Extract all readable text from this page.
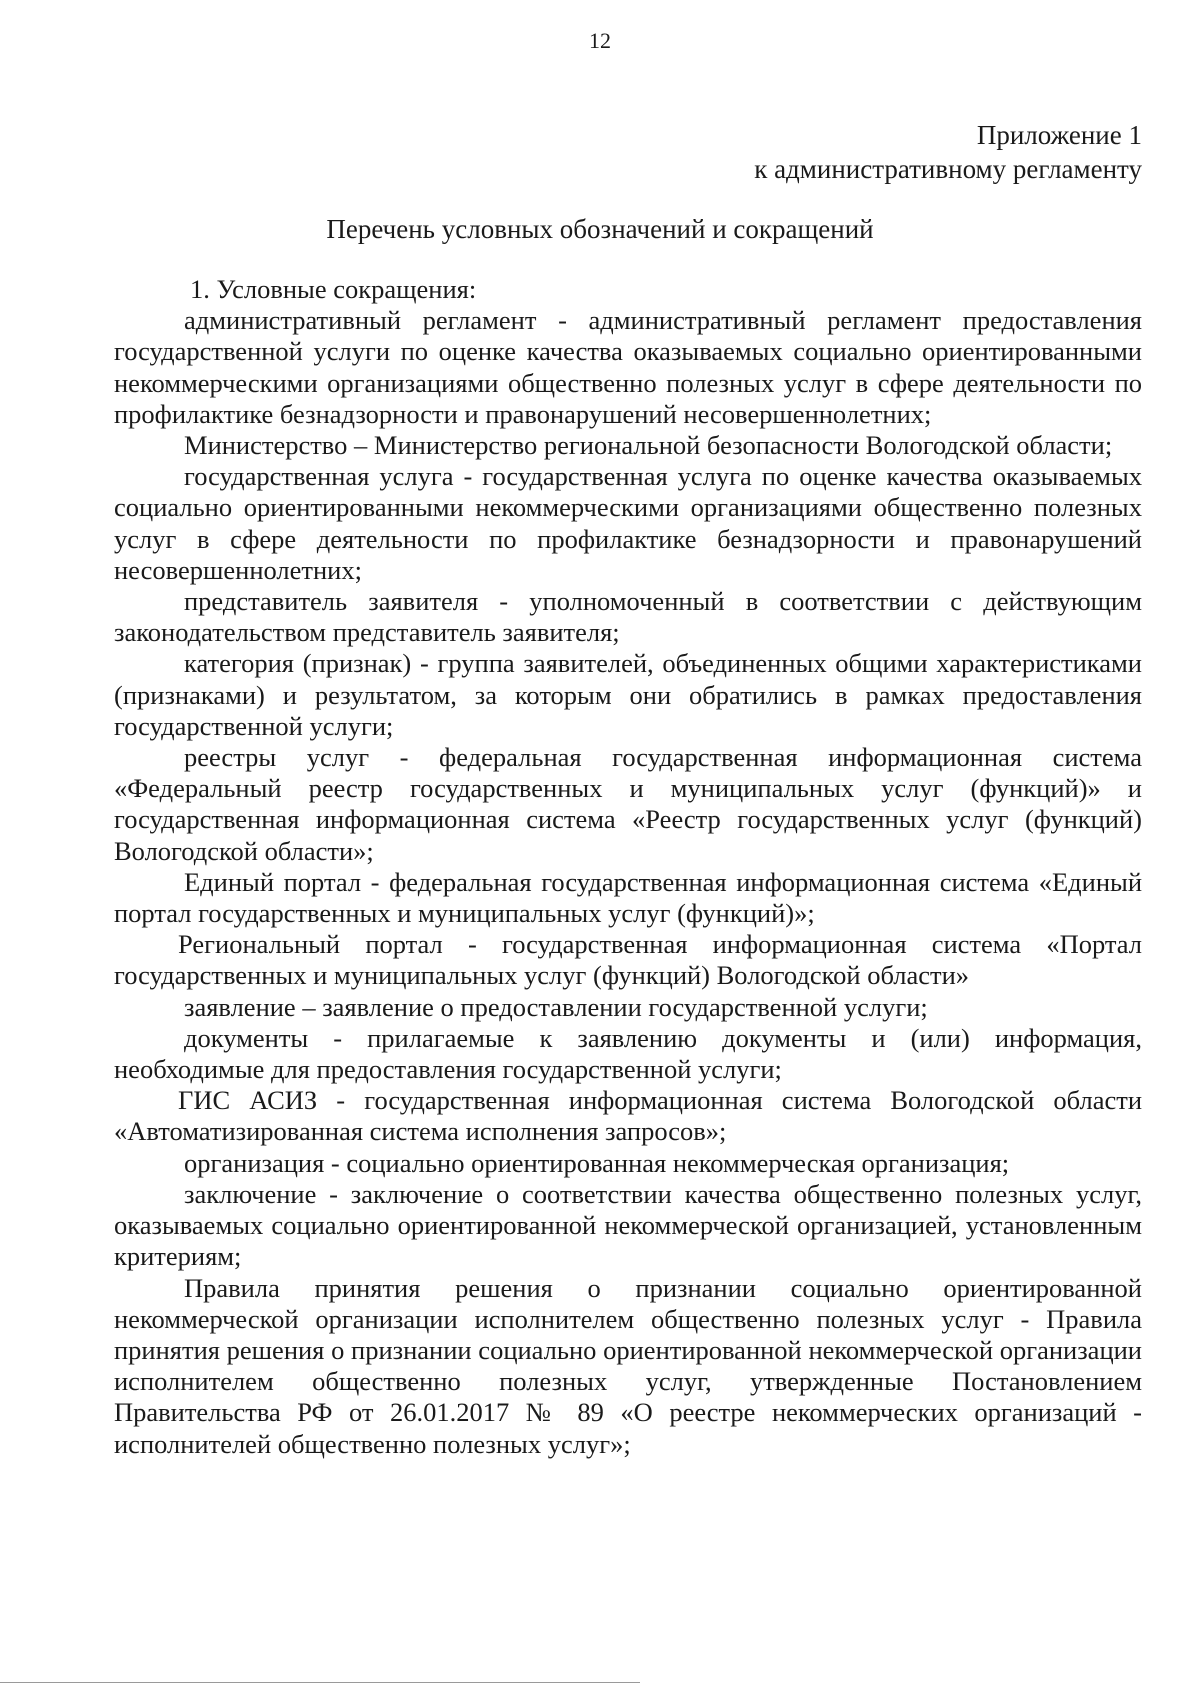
12
Приложение 1
к административному регламенту
Перечень условных обозначений и сокращений

1. Условные сокращения:

административный регламент - административный регламент предоставления государственной услуги по оценке качества оказываемых социально ориентированными некоммерческими организациями общественно полезных услуг в сфере деятельности по профилактике безнадзорности и правонарушений несовершеннолетних;

Министерство – Министерство региональной безопасности Вологодской области;

государственная услуга - государственная услуга по оценке качества оказываемых социально ориентированными некоммерческими организациями общественно полезных услуг в сфере деятельности по профилактике безнадзорности и правонарушений несовершеннолетних;

представитель заявителя - уполномоченный в соответствии с действующим законодательством представитель заявителя;

категория (признак) - группа заявителей, объединенных общими характеристиками (признаками) и результатом, за которым они обратились в рамках предоставления государственной услуги;

реестры услуг - федеральная государственная информационная система «Федеральный реестр государственных и муниципальных услуг (функций)» и государственная информационная система «Реестр государственных услуг (функций) Вологодской области»;

Единый портал - федеральная государственная информационная система «Единый портал государственных и муниципальных услуг (функций)»;

Региональный портал - государственная информационная система «Портал государственных и муниципальных услуг (функций) Вологодской области»

заявление – заявление о предоставлении государственной услуги;

документы - прилагаемые к заявлению документы и (или) информация, необходимые для предоставления государственной услуги;

ГИС АСИЗ - государственная информационная система Вологодской области «Автоматизированная система исполнения запросов»;

организация - социально ориентированная некоммерческая организация;

заключение - заключение о соответствии качества общественно полезных услуг, оказываемых социально ориентированной некоммерческой организацией, установленным критериям;

Правила принятия решения о признании социально ориентированной некоммерческой организации исполнителем общественно полезных услуг - Правила принятия решения о признании социально ориентированной некоммерческой организации исполнителем общественно полезных услуг, утвержденные Постановлением Правительства РФ от 26.01.2017 № 89 «О реестре некоммерческих организаций - исполнителей общественно полезных услуг»;
